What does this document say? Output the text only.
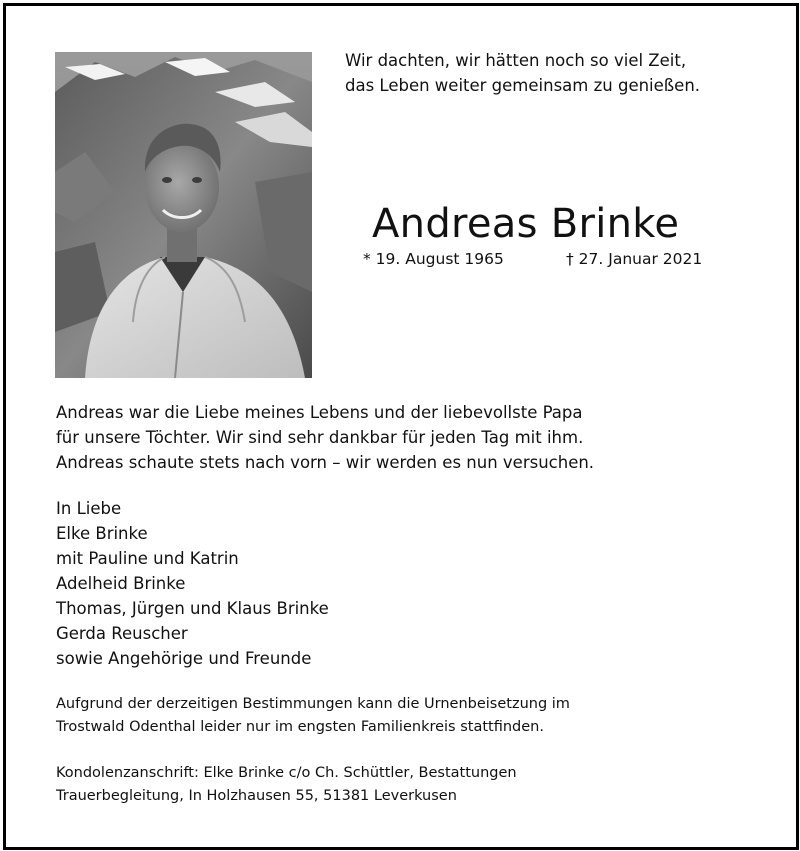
Wir dachten, wir hätten noch so viel Zeit,
das Leben weiter gemeinsam zu genießen.
Andreas Brinke
* 19. August 1965	† 27. Januar 2021
Andreas war die Liebe meines Lebens und der liebevollste Papa
für unsere Töchter. Wir sind sehr dankbar für jeden Tag mit ihm.
Andreas schaute stets nach vorn – wir werden es nun versuchen.
In Liebe
Elke Brinke
mit Pauline und Katrin
Adelheid Brinke
Thomas, Jürgen und Klaus Brinke
Gerda Reuscher
sowie Angehörige und Freunde
Aufgrund der derzeitigen Bestimmungen kann die Urnenbeisetzung im
Trostwald Odenthal leider nur im engsten Familienkreis stattfinden.
Kondolenzanschrift: Elke Brinke c/o Ch. Schüttler, Bestattungen
Trauerbegleitung, In Holzhausen 55, 51381 Leverkusen
